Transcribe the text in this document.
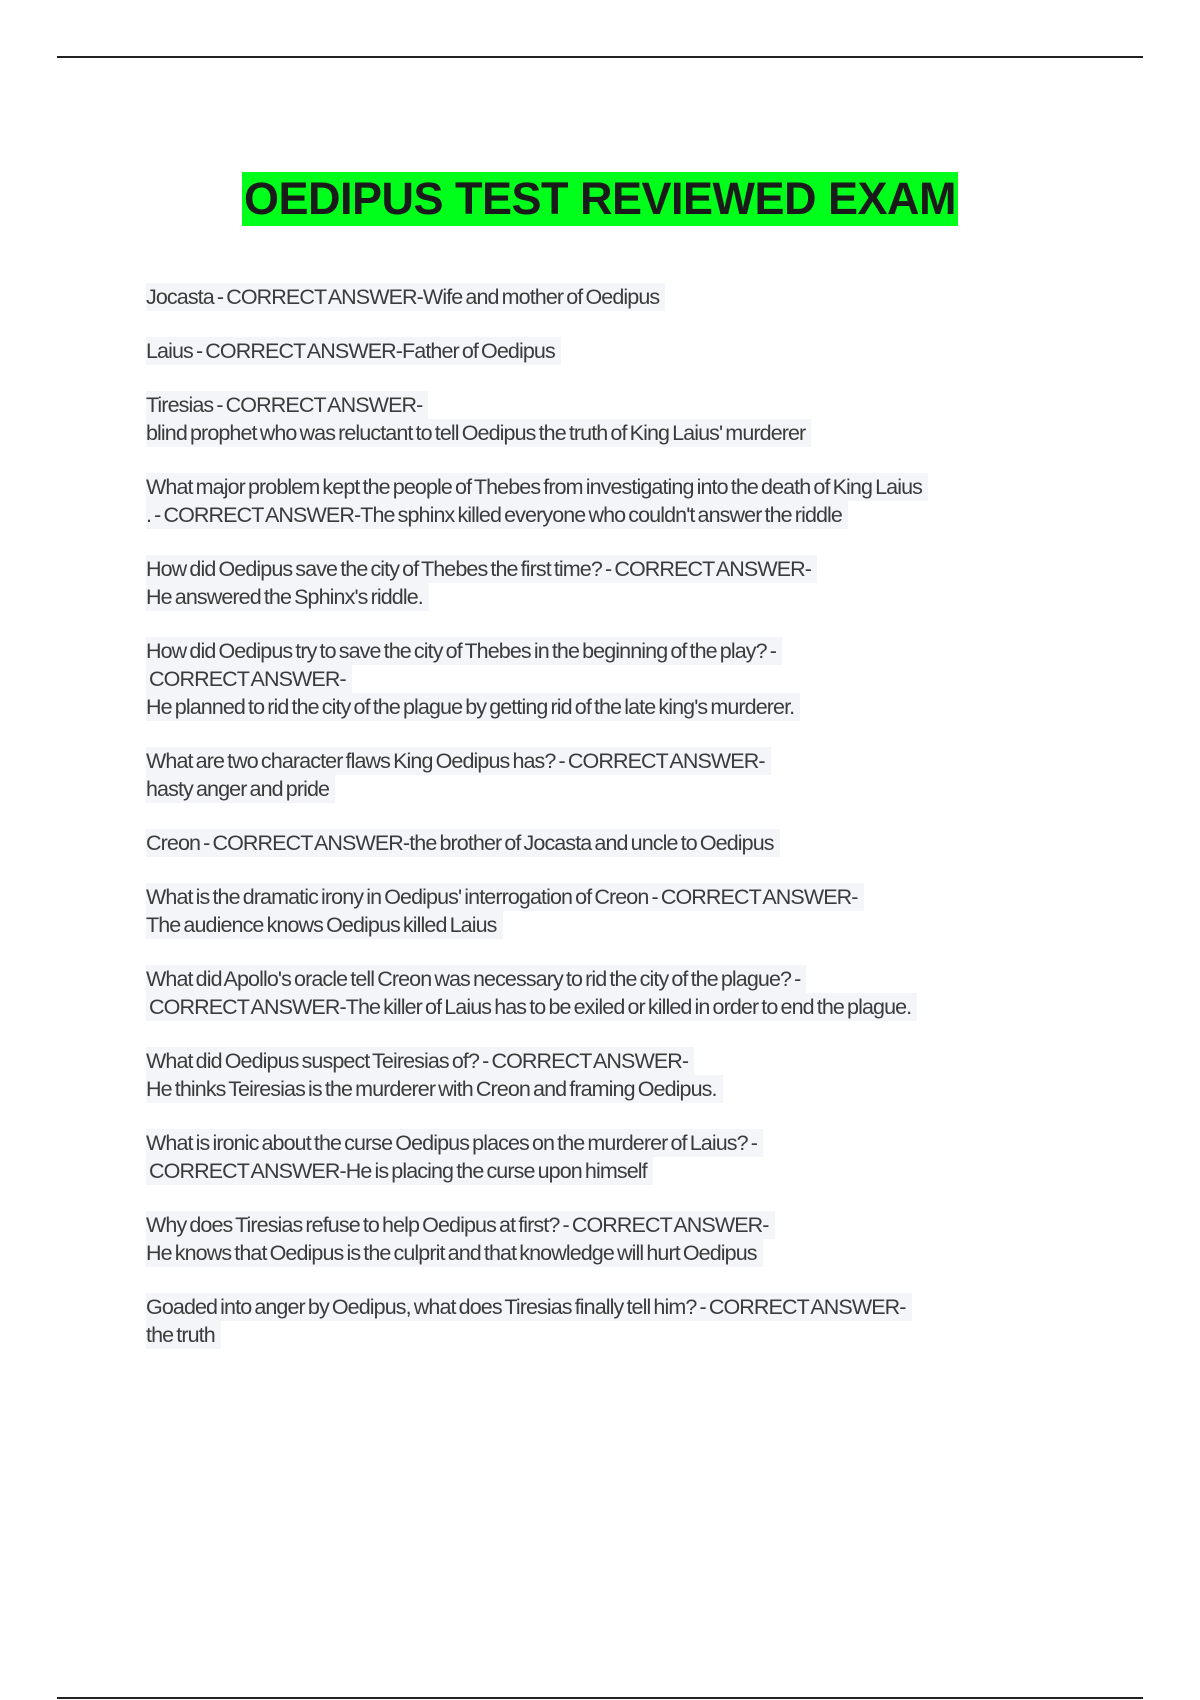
OEDIPUS TEST REVIEWED EXAM
Jocasta - CORRECT ANSWER-Wife and mother of Oedipus
Laius - CORRECT ANSWER-Father of Oedipus
Tiresias - CORRECT ANSWER-
blind prophet who was reluctant to tell Oedipus the truth of King Laius' murderer
What major problem kept the people of Thebes from investigating into the death of King Laius
. - CORRECT ANSWER-The sphinx killed everyone who couldn't answer the riddle
How did Oedipus save the city of Thebes the first time? - CORRECT ANSWER-
He answered the Sphinx's riddle.
How did Oedipus try to save the city of Thebes in the beginning of the play? -
CORRECT ANSWER-
He planned to rid the city of the plague by getting rid of the late king's murderer.
What are two character flaws King Oedipus has? - CORRECT ANSWER-
hasty anger and pride
Creon - CORRECT ANSWER-the brother of Jocasta and uncle to Oedipus
What is the dramatic irony in Oedipus' interrogation of Creon - CORRECT ANSWER-
The audience knows Oedipus killed Laius
What did Apollo's oracle tell Creon was necessary to rid the city of the plague? -
CORRECT ANSWER-The killer of Laius has to be exiled or killed in order to end the plague.
What did Oedipus suspect Teiresias of? - CORRECT ANSWER-
He thinks Teiresias is the murderer with Creon and framing Oedipus.
What is ironic about the curse Oedipus places on the murderer of Laius? -
CORRECT ANSWER-He is placing the curse upon himself
Why does Tiresias refuse to help Oedipus at first? - CORRECT ANSWER-
He knows that Oedipus is the culprit and that knowledge will hurt Oedipus
Goaded into anger by Oedipus, what does Tiresias finally tell him? - CORRECT ANSWER-
the truth
